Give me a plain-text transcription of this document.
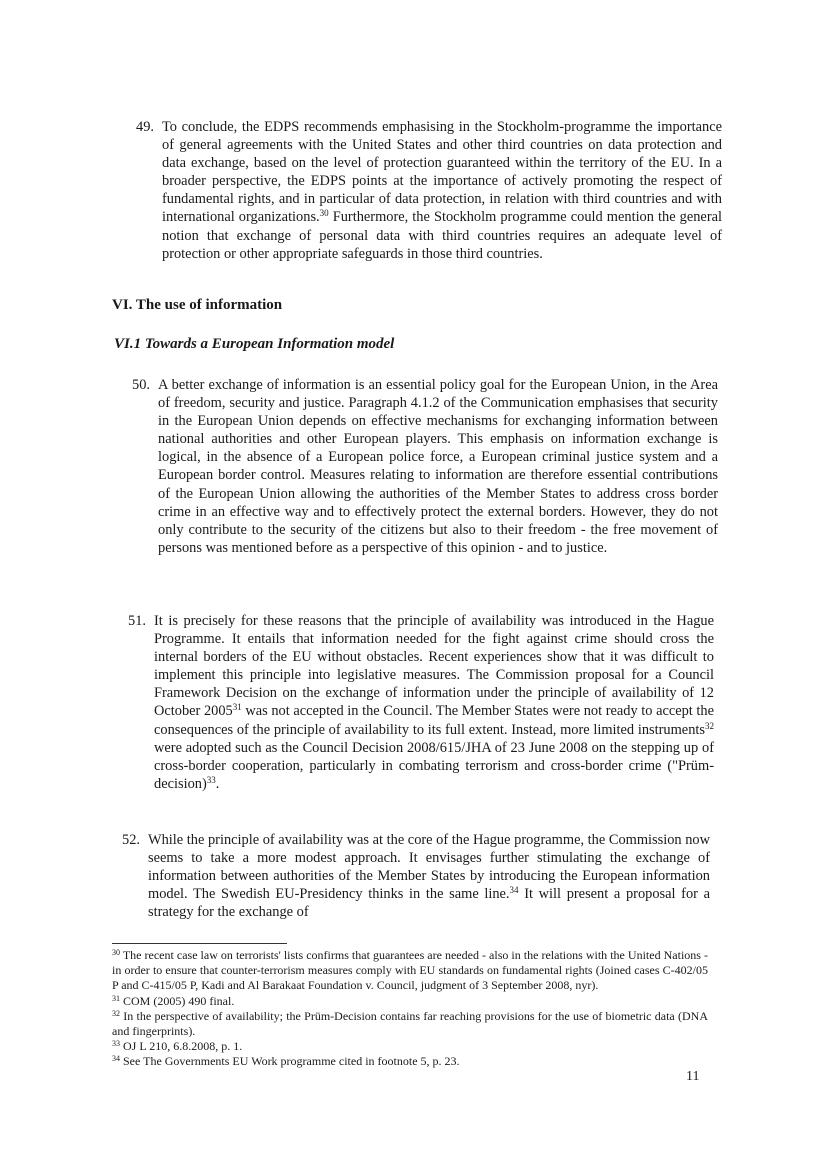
49. To conclude, the EDPS recommends emphasising in the Stockholm-programme the importance of general agreements with the United States and other third countries on data protection and data exchange, based on the level of protection guaranteed within the territory of the EU. In a broader perspective, the EDPS points at the importance of actively promoting the respect of fundamental rights, and in particular of data protection, in relation with third countries and with international organizations.$^{30}$ Furthermore, the Stockholm programme could mention the general notion that exchange of personal data with third countries requires an adequate level of protection or other appropriate safeguards in those third countries.

VI. The use of information
VI.1 Towards a European Information model

50. A better exchange of information is an essential policy goal for the European Union, in the Area of freedom, security and justice. Paragraph 4.1.2 of the Communication emphasises that security in the European Union depends on effective mechanisms for exchanging information between national authorities and other European players. This emphasis on information exchange is logical, in the absence of a European police force, a European criminal justice system and a European border control. Measures relating to information are therefore essential contributions of the European Union allowing the authorities of the Member States to address cross border crime in an effective way and to effectively protect the external borders. However, they do not only contribute to the security of the citizens but also to their freedom - the free movement of persons was mentioned before as a perspective of this opinion - and to justice.

51. It is precisely for these reasons that the principle of availability was introduced in the Hague Programme. It entails that information needed for the fight against crime should cross the internal borders of the EU without obstacles. Recent experiences show that it was difficult to implement this principle into legislative measures. The Commission proposal for a Council Framework Decision on the exchange of information under the principle of availability of 12 October 2005$^{31}$ was not accepted in the Council. The Member States were not ready to accept the consequences of the principle of availability to its full extent. Instead, more limited instruments$^{32}$ were adopted such as the Council Decision 2008/615/JHA of 23 June 2008 on the stepping up of cross-border cooperation, particularly in combating terrorism and cross-border crime ("Prüm-decision)$^{33}$.

52. While the principle of availability was at the core of the Hague programme, the Commission now seems to take a more modest approach. It envisages further stimulating the exchange of information between authorities of the Member States by introducing the European information model. The Swedish EU-Presidency thinks in the same line.$^{34}$ It will present a proposal for a strategy for the exchange of

$^{30}$ The recent case law on terrorists' lists confirms that guarantees are needed - also in the relations with the United Nations - in order to ensure that counter-terrorism measures comply with EU standards on fundamental rights (Joined cases C-402/05 P and C-415/05 P, Kadi and Al Barakaat Foundation v. Council, judgment of 3 September 2008, nyr).

$^{31}$ COM (2005) 490 final.

$^{32}$ In the perspective of availability; the Prüm-Decision contains far reaching provisions for the use of biometric data (DNA and fingerprints).

$^{33}$ OJ L 210, 6.8.2008, p. 1.

$^{34}$ See The Governments EU Work programme cited in footnote 5, p. 23.

11
